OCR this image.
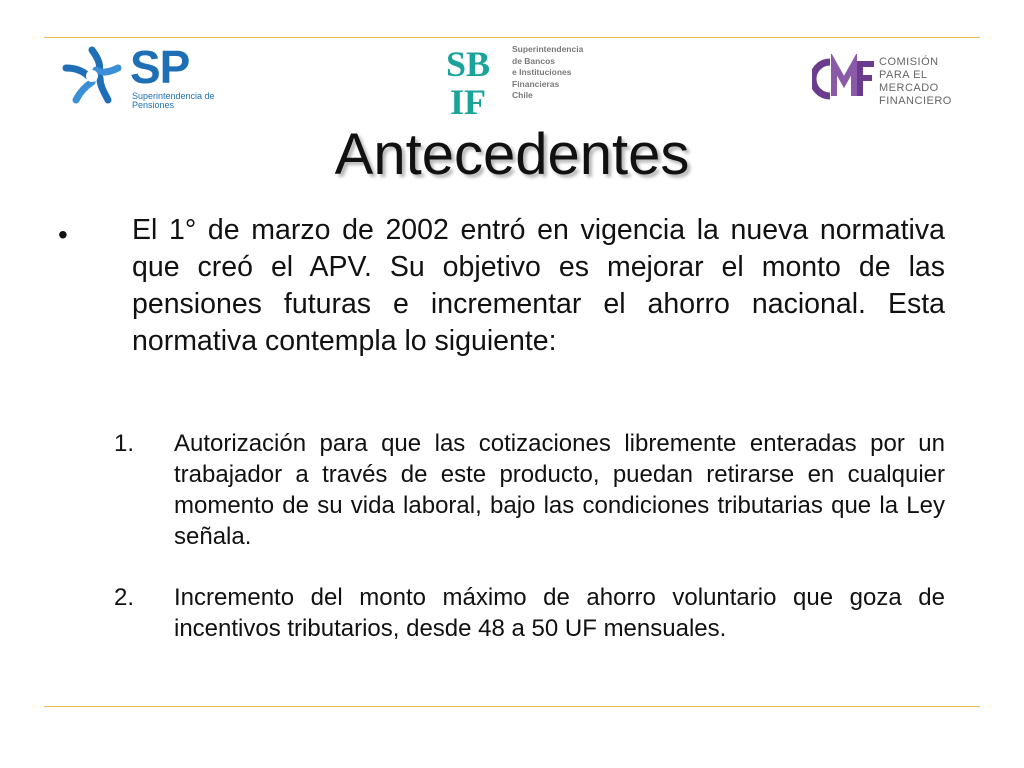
SP
Superintendencia de Pensiones
SB
IF
Superintendencia
de Bancos
e Instituciones
Financieras
Chile
COMISIÓN
PARA EL MERCADO
FINANCIERO
Antecedentes
• El 1° de marzo de 2002 entró en vigencia la nueva normativa que creó el APV. Su objetivo es mejorar el monto de las pensiones futuras e incrementar el ahorro nacional. Esta normativa contempla lo siguiente:

1. Autorización para que las cotizaciones libremente enteradas por un trabajador a través de este producto, puedan retirarse en cualquier momento de su vida laboral, bajo las condiciones tributarias que la Ley señala.

2. Incremento del monto máximo de ahorro voluntario que goza de incentivos tributarios, desde 48 a 50 UF mensuales.
